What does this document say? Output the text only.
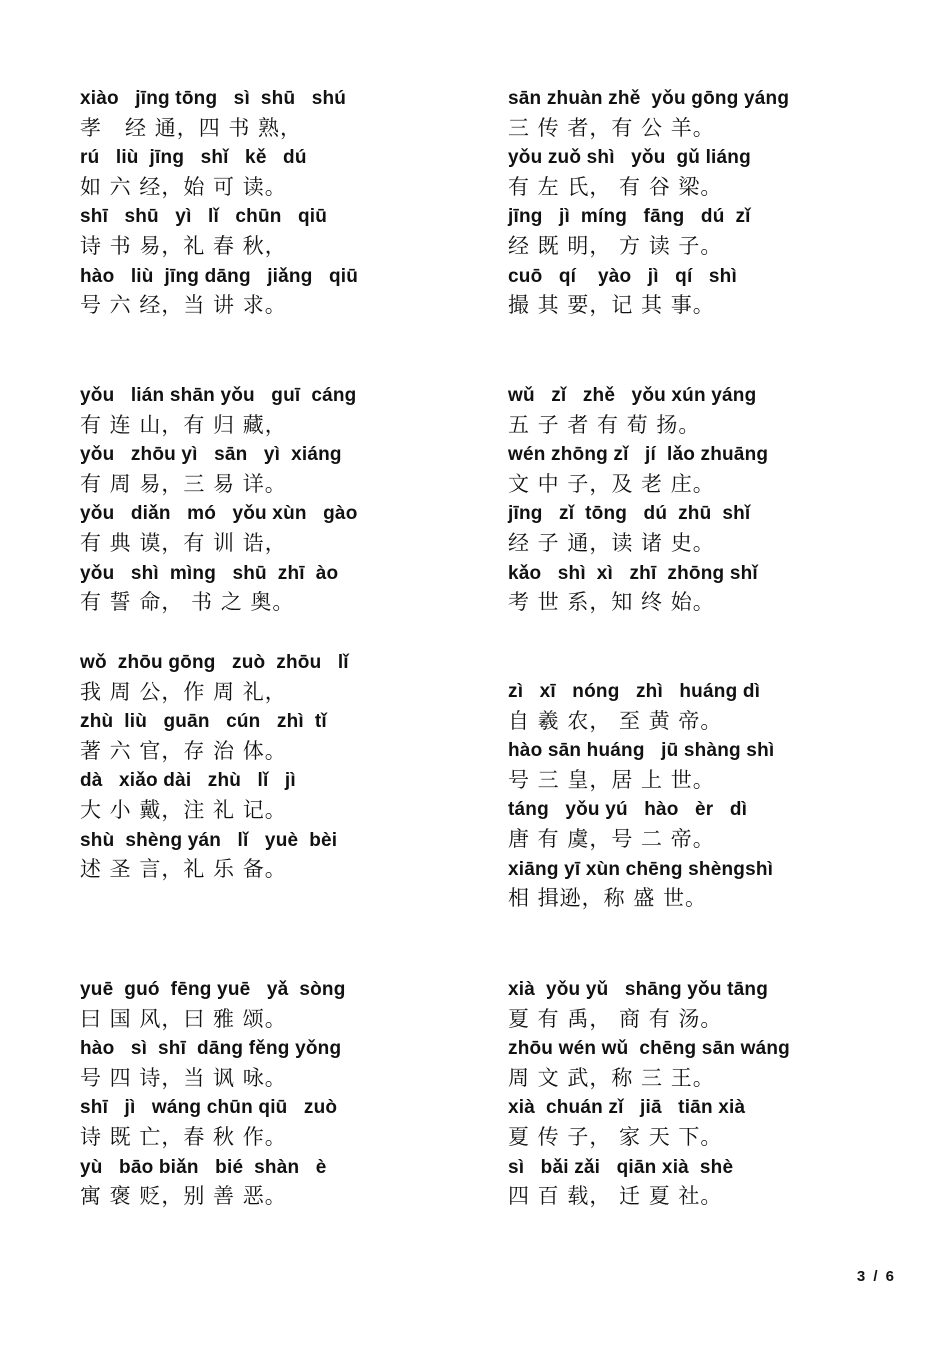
xiào   jīng tōng   sì  shū   shú
孝   经 通，四 书 熟，
rú   liù  jīng   shǐ   kě   dú
如 六 经，始 可 读。
shī   shū   yì   lǐ   chūn   qiū
诗 书 易，礼 春 秋，
hào   liù  jīng dāng   jiǎng   qiū
号 六 经，当 讲 求。
yǒu   lián shān yǒu   guī  cáng
有 连 山，有 归 藏，
yǒu   zhōu yì   sān   yì  xiáng
有 周 易，三 易 详。
yǒu   diǎn   mó   yǒu xùn   gào
有 典 谟，有 训 诰，
yǒu   shì  mìng   shū  zhī  ào
有 誓 命， 书 之 奥。
wǒ  zhōu gōng   zuò  zhōu   lǐ
我 周 公，作 周 礼，
zhù  liù   guān   cún   zhì  tǐ
著 六 官，存 治 体。
dà   xiǎo dài   zhù   lǐ   jì
大 小 戴，注 礼 记。
shù  shèng yán   lǐ   yuè  bèi
述 圣 言，礼 乐 备。
yuē  guó  fēng yuē   yǎ  sòng
曰 国 风，曰 雅 颂。
hào   sì  shī  dāng fěng yǒng
号 四 诗，当 讽 咏。
shī   jì   wáng chūn qiū   zuò
诗 既 亡，春 秋 作。
yù   bāo biǎn   bié  shàn   è
寓 褒 贬，别 善 恶。
sān zhuàn zhě  yǒu gōng yáng
三 传 者，有 公 羊。
yǒu zuǒ shì   yǒu  gǔ liáng
有 左 氏， 有 谷 梁。
jīng   jì  míng   fāng   dú  zǐ
经 既 明， 方 读 子。
cuō   qí    yào   jì   qí   shì
撮 其 要，记 其 事。
wǔ   zǐ   zhě   yǒu xún yáng
五 子 者 有 荀 扬。
wén zhōng zǐ   jí  lǎo zhuāng
文 中 子，及 老 庄。
jīng   zǐ  tōng   dú  zhū  shǐ
经 子 通，读 诸 史。
kǎo   shì  xì   zhī  zhōng shǐ
考 世 系，知 终 始。
zì   xī   nóng   zhì   huáng dì
自 羲 农， 至 黄 帝。
hào sān huáng   jū shàng shì
号 三 皇，居 上 世。
táng   yǒu yú   hào   èr   dì
唐 有 虞，号 二 帝。
xiāng yī xùn chēng shèngshì
相 揖逊，称 盛 世。
xià  yǒu yǔ   shāng yǒu tāng
夏 有 禹， 商 有 汤。
zhōu wén wǔ  chēng sān wáng
周 文 武，称 三 王。
xià  chuán zǐ   jiā   tiān xià
夏 传 子， 家 天 下。
sì   bǎi zǎi   qiān xià  shè
四 百 载， 迁 夏 社。
3 / 6
